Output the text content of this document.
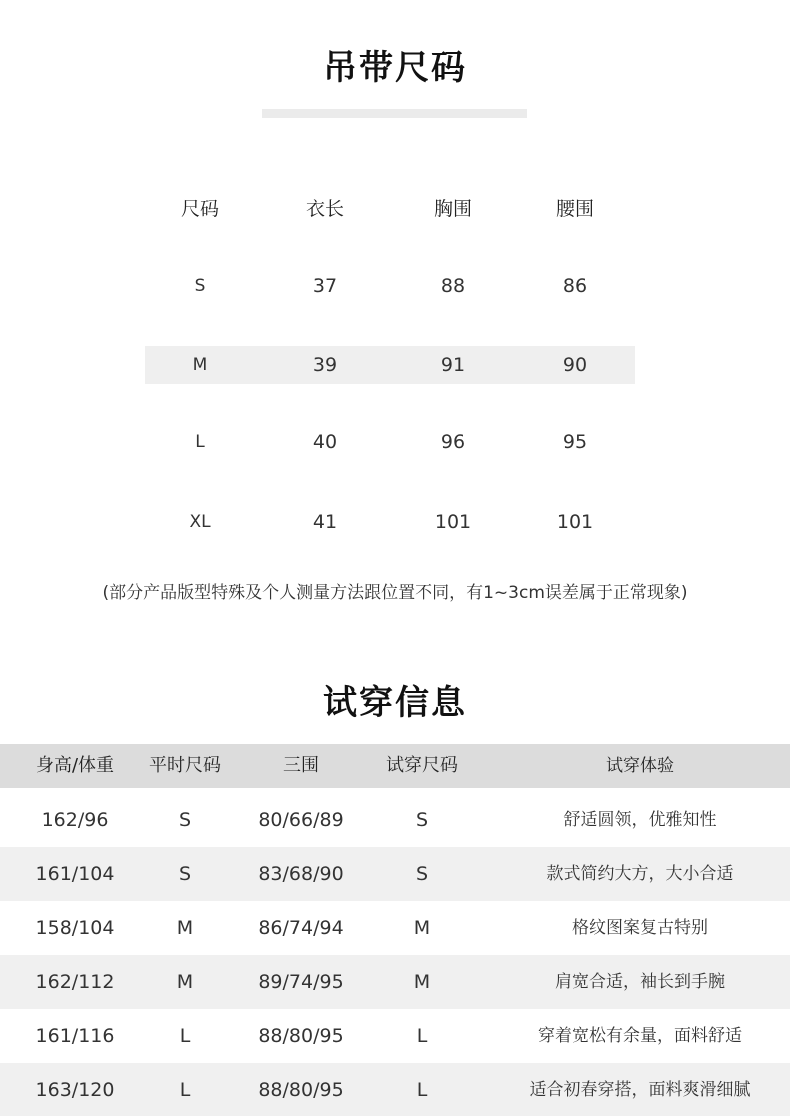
吊带尺码
尺码	衣长	胸围	腰围
S	37	88	86
M	39	91	90
L	40	96	95
XL	41	101	101
(部分产品版型特殊及个人测量方法跟位置不同，有1~3cm误差属于正常现象)
试穿信息
身高/体重	平时尺码	三围	试穿尺码	试穿体验
162/96	S	80/66/89	S	舒适圆领，优雅知性
161/104	S	83/68/90	S	款式简约大方，大小合适
158/104	M	86/74/94	M	格纹图案复古特别
162/112	M	89/74/95	M	肩宽合适，袖长到手腕
161/116	L	88/80/95	L	穿着宽松有余量，面料舒适
163/120	L	88/80/95	L	适合初春穿搭，面料爽滑细腻
